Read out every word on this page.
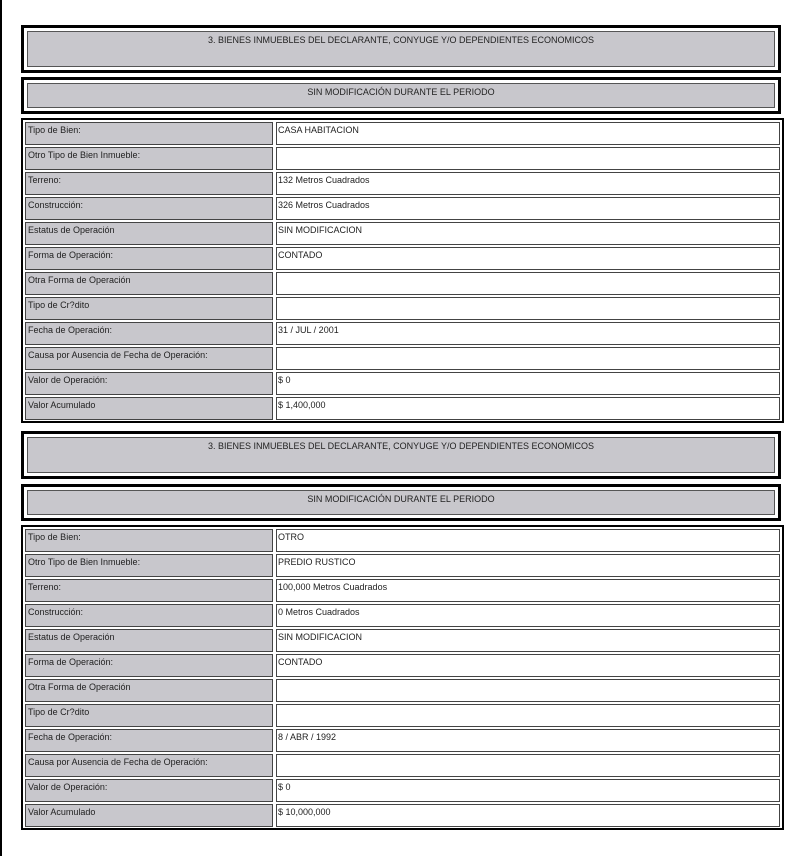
3. BIENES INMUEBLES DEL DECLARANTE, CONYUGE Y/O DEPENDIENTES ECONOMICOS
SIN MODIFICACIÓN DURANTE EL PERIODO
Tipo de Bien:	CASA HABITACION
Otro Tipo de Bien Inmueble:
Terreno:	132 Metros Cuadrados
Construcción:	326 Metros Cuadrados
Estatus de Operación	SIN MODIFICACION
Forma de Operación:	CONTADO
Otra Forma de Operación
Tipo de Cr?dito
Fecha de Operación:	31 / JUL / 2001
Causa por Ausencia de Fecha de Operación:
Valor de Operación:	$ 0
Valor Acumulado	$ 1,400,000
3. BIENES INMUEBLES DEL DECLARANTE, CONYUGE Y/O DEPENDIENTES ECONOMICOS
SIN MODIFICACIÓN DURANTE EL PERIODO
Tipo de Bien:	OTRO
Otro Tipo de Bien Inmueble:	PREDIO RUSTICO
Terreno:	100,000 Metros Cuadrados
Construcción:	0 Metros Cuadrados
Estatus de Operación	SIN MODIFICACION
Forma de Operación:	CONTADO
Otra Forma de Operación
Tipo de Cr?dito
Fecha de Operación:	8 / ABR / 1992
Causa por Ausencia de Fecha de Operación:
Valor de Operación:	$ 0
Valor Acumulado	$ 10,000,000
